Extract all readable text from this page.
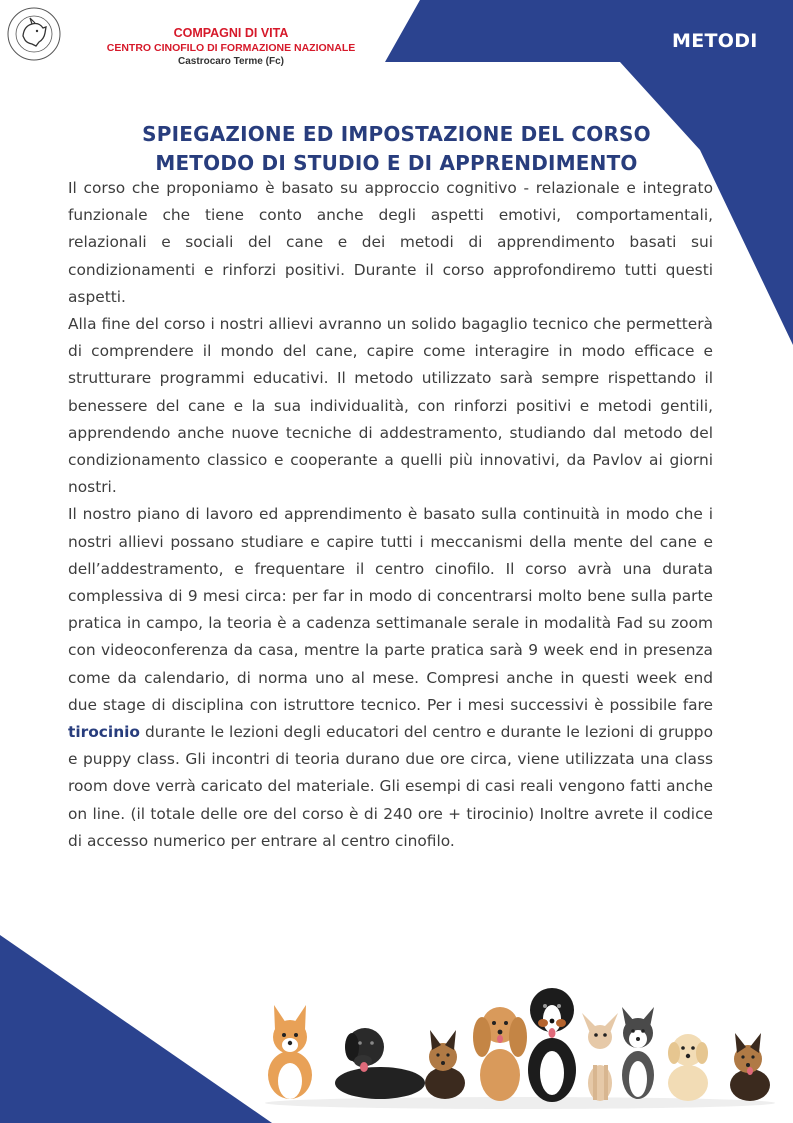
COMPAGNI DI VITA
CENTRO CINOFILO DI FORMAZIONE NAZIONALE
Castrocaro Terme (Fc)
METODI
SPIEGAZIONE ED IMPOSTAZIONE DEL CORSO
METODO DI STUDIO E DI APPRENDIMENTO

Il corso che proponiamo è basato su approccio cognitivo - relazionale e integrato funzionale che tiene conto anche degli aspetti emotivi, comportamentali, relazionali e sociali del cane e dei metodi di apprendimento basati sui condizionamenti e rinforzi positivi. Durante il corso approfondiremo tutti questi aspetti.

Alla fine del corso i nostri allievi avranno un solido bagaglio tecnico che permetterà di comprendere il mondo del cane, capire come interagire in modo efficace e strutturare programmi educativi. Il metodo utilizzato sarà sempre rispettando il benessere del cane e la sua individualità, con rinforzi positivi e metodi gentili, apprendendo anche nuove tecniche di addestramento, studiando dal metodo del condizionamento classico e cooperante a quelli più innovativi, da Pavlov ai giorni nostri.

Il nostro piano di lavoro ed apprendimento è basato sulla continuità in modo che i nostri allievi possano studiare e capire tutti i meccanismi della mente del cane e dell’addestramento, e frequentare il centro cinofilo. Il corso avrà una durata complessiva di 9 mesi circa: per far in modo di concentrarsi molto bene sulla parte pratica in campo, la teoria è a cadenza settimanale serale in modalità Fad su zoom con videoconferenza da casa, mentre la parte pratica sarà 9 week end in presenza come da calendario, di norma uno al mese. Compresi anche in questi week end due stage di disciplina con istruttore tecnico. Per i mesi successivi è possibile fare tirocinio durante le lezioni degli educatori del centro e durante le lezioni di gruppo e puppy class. Gli incontri di teoria durano due ore circa, viene utilizzata una class room dove verrà caricato del materiale. Gli esempi di casi reali vengono fatti anche on line. (il totale delle ore del corso è di 240 ore + tirocinio) Inoltre avrete il codice di accesso numerico per entrare al centro cinofilo.
